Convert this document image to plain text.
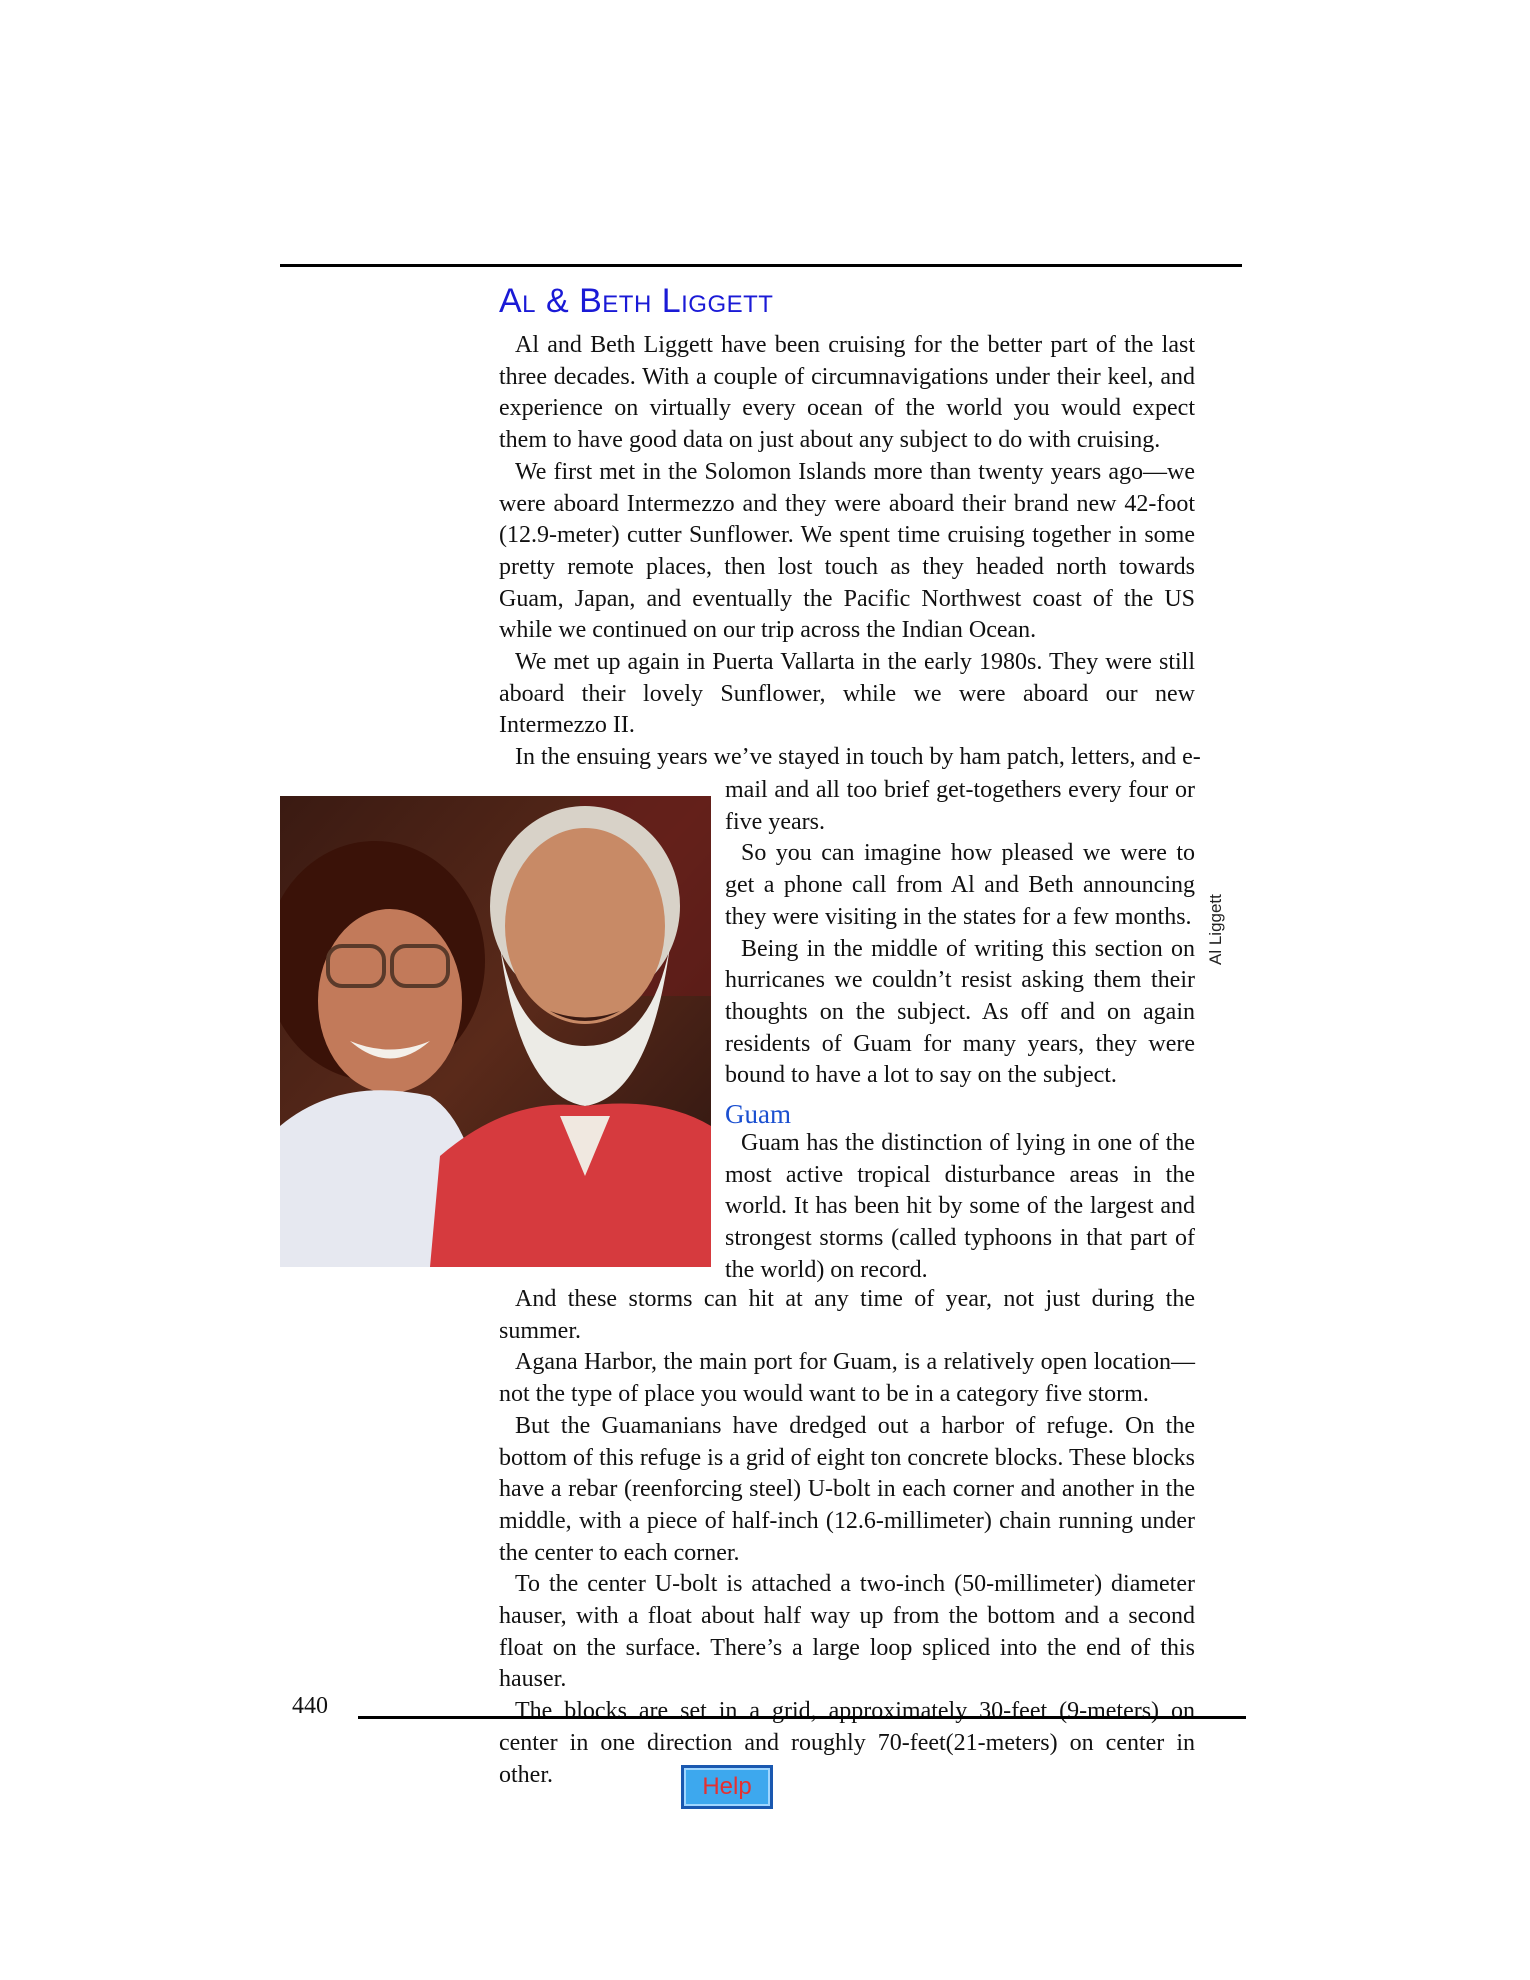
Al & Beth Liggett

Al and Beth Liggett have been cruising for the better part of the last three decades. With a couple of circumnavigations under their keel, and experience on virtually every ocean of the world you would expect them to have good data on just about any subject to do with cruising.

We first met in the Solomon Islands more than twenty years ago—we were aboard Intermezzo and they were aboard their brand new 42-foot (12.9-meter) cutter Sunflower. We spent time cruising together in some pretty remote places, then lost touch as they headed north towards Guam, Japan, and eventually the Pacific Northwest coast of the US while we continued on our trip across the Indian Ocean.

We met up again in Puerta Vallarta in the early 1980s. They were still aboard their lovely Sunflower, while we were aboard our new Intermezzo II.

In the ensuing years we’ve stayed in touch by ham patch, letters, and e-

mail and all too brief get-togethers every four or five years.

So you can imagine how pleased we were to get a phone call from Al and Beth announcing they were visiting in the states for a few months.

Being in the middle of writing this section on hurricanes we couldn’t resist asking them their thoughts on the subject. As off and on again residents of Guam for many years, they were bound to have a lot to say on the subject.

Guam

Guam has the distinction of lying in one of the most active tropical disturbance areas in the world. It has been hit by some of the largest and strongest storms (called typhoons in that part of the world) on record.

Al Liggett

And these storms can hit at any time of year, not just during the summer.

Agana Harbor, the main port for Guam, is a relatively open location—not the type of place you would want to be in a category five storm.

But the Guamanians have dredged out a harbor of refuge. On the bottom of this refuge is a grid of eight ton concrete blocks. These blocks have a rebar (reenforcing steel) U-bolt in each corner and another in the middle, with a piece of half-inch (12.6-millimeter) chain running under the center to each corner.

To the center U-bolt is attached a two-inch (50-millimeter) diameter hauser, with a float about half way up from the bottom and a second float on the surface. There’s a large loop spliced into the end of this hauser.

The blocks are set in a grid, approximately 30-feet (9-meters) on center in one direction and roughly 70-feet(21-meters) on center in other.

440
Help
